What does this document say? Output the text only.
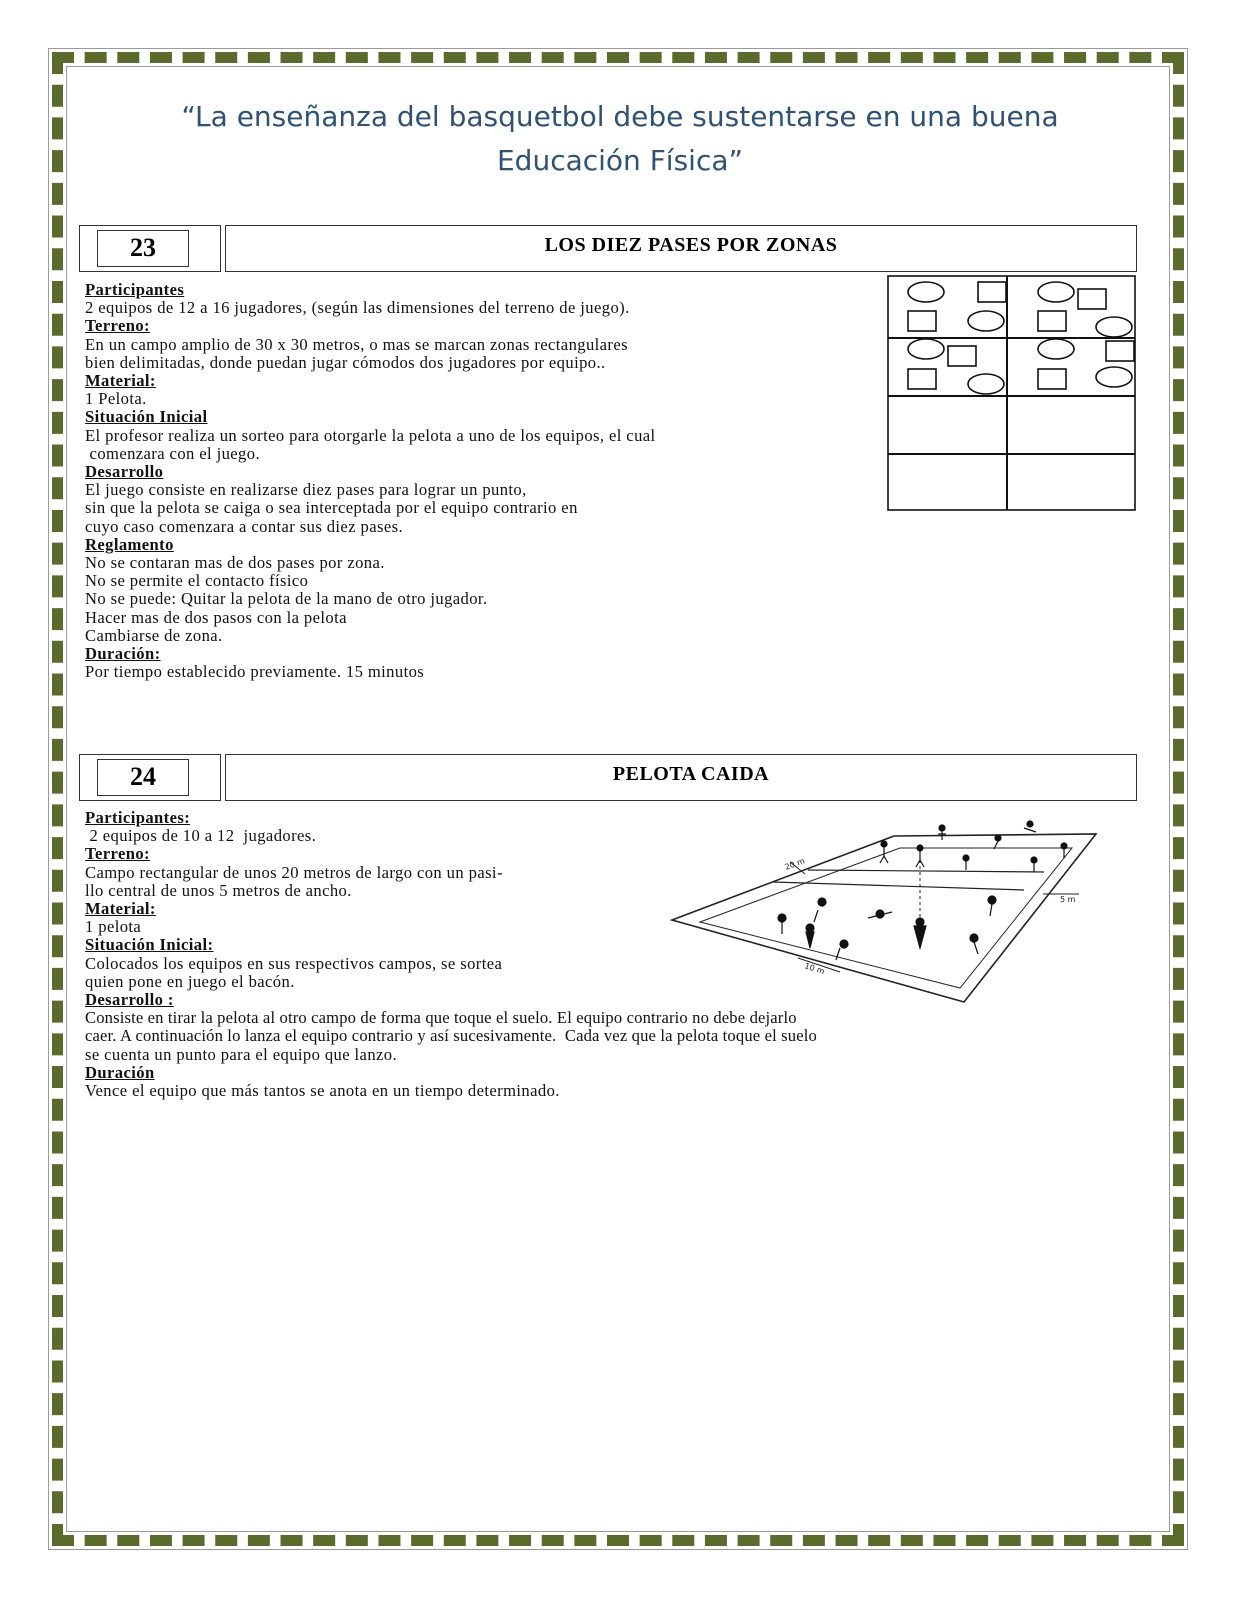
“La enseñanza del basquetbol debe sustentarse en una buena
Educación Física”
23	LOS DIEZ PASES POR ZONAS
Participantes
2 equipos de 12 a 16 jugadores, (según las dimensiones del terreno de juego).
Terreno:
En un campo amplio de 30 x 30 metros, o mas se marcan zonas rectangulares
bien delimitadas, donde puedan jugar cómodos dos jugadores por equipo..
Material:
1 Pelota.
Situación Inicial
El profesor realiza un sorteo para otorgarle la pelota a uno de los equipos, el cual
comenzara con el juego.
Desarrollo
El juego consiste en realizarse diez pases para lograr un punto,
sin que la pelota se caiga o sea interceptada por el equipo contrario en
cuyo caso comenzara a contar sus diez pases.
Reglamento
No se contaran mas de dos pases por zona.
No se permite el contacto físico
No se puede: Quitar la pelota de la mano de otro jugador.
Hacer mas de dos pasos con la pelota
Cambiarse de zona.
Duración:
Por tiempo establecido previamente. 15 minutos
24	PELOTA CAIDA
Participantes:
2 equipos de 10 a 12  jugadores.
Terreno:
Campo rectangular de unos 20 metros de largo con un pasi-
llo central de unos 5 metros de ancho.
Material:
1 pelota
Situación Inicial:
Colocados los equipos en sus respectivos campos, se sortea
quien pone en juego el bacón.
Desarrollo :
Consiste en tirar la pelota al otro campo de forma que toque el suelo. El equipo contrario no debe dejarlo
caer. A continuación lo lanza el equipo contrario y así sucesivamente.  Cada vez que la pelota toque el suelo
se cuenta un punto para el equipo que lanzo.
Duración
Vence el equipo que más tantos se anota en un tiempo determinado.
20 m
5 m
10 m
